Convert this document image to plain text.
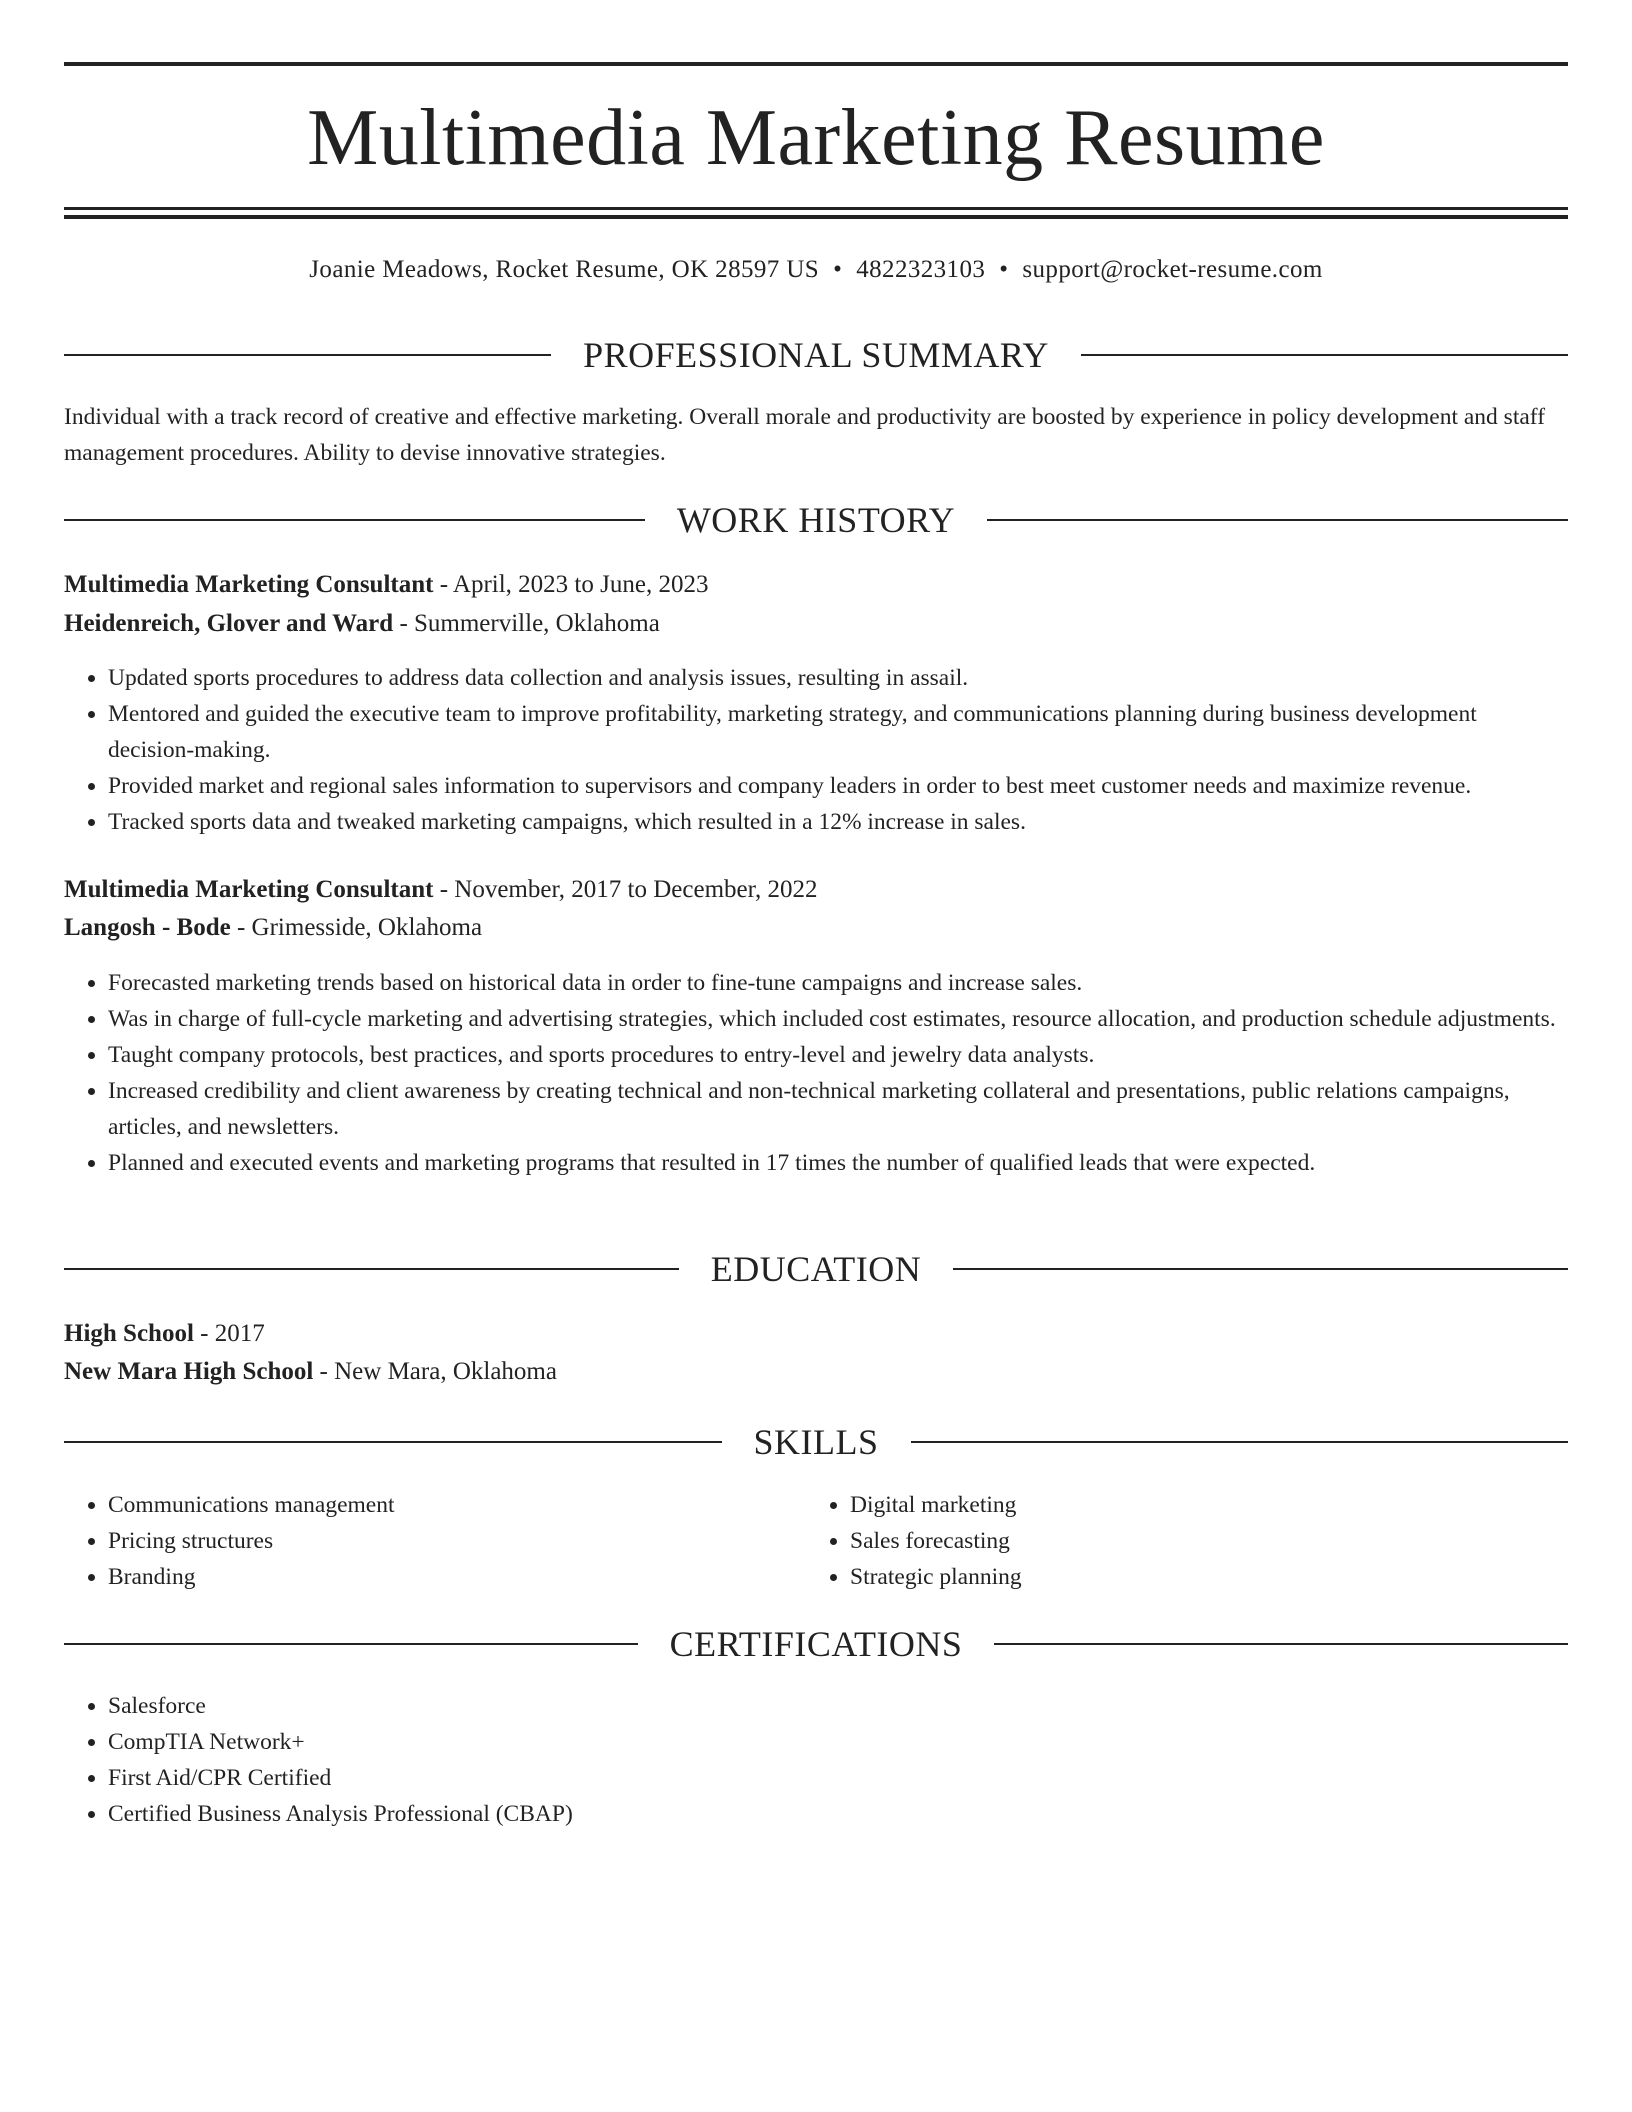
Multimedia Marketing Resume
Joanie Meadows, Rocket Resume, OK 28597 US • 4822323103 • support@rocket-resume.com
PROFESSIONAL SUMMARY

Individual with a track record of creative and effective marketing. Overall morale and productivity are boosted by experience in policy development and staff management procedures. Ability to devise innovative strategies.

WORK HISTORY
Multimedia Marketing Consultant - April, 2023 to June, 2023
Heidenreich, Glover and Ward - Summerville, Oklahoma
• Updated sports procedures to address data collection and analysis issues, resulting in assail.
• Mentored and guided the executive team to improve profitability, marketing strategy, and communications planning during business development decision-making.
• Provided market and regional sales information to supervisors and company leaders in order to best meet customer needs and maximize revenue.
• Tracked sports data and tweaked marketing campaigns, which resulted in a 12% increase in sales.
Multimedia Marketing Consultant - November, 2017 to December, 2022
Langosh - Bode - Grimesside, Oklahoma
• Forecasted marketing trends based on historical data in order to fine-tune campaigns and increase sales.
• Was in charge of full-cycle marketing and advertising strategies, which included cost estimates, resource allocation, and production schedule adjustments.
• Taught company protocols, best practices, and sports procedures to entry-level and jewelry data analysts.
• Increased credibility and client awareness by creating technical and non-technical marketing collateral and presentations, public relations campaigns, articles, and newsletters.
• Planned and executed events and marketing programs that resulted in 17 times the number of qualified leads that were expected.
EDUCATION
High School - 2017
New Mara High School - New Mara, Oklahoma
SKILLS
• Communications management
• Pricing structures
• Branding
• Digital marketing
• Sales forecasting
• Strategic planning
CERTIFICATIONS
• Salesforce
• CompTIA Network+
• First Aid/CPR Certified
• Certified Business Analysis Professional (CBAP)
